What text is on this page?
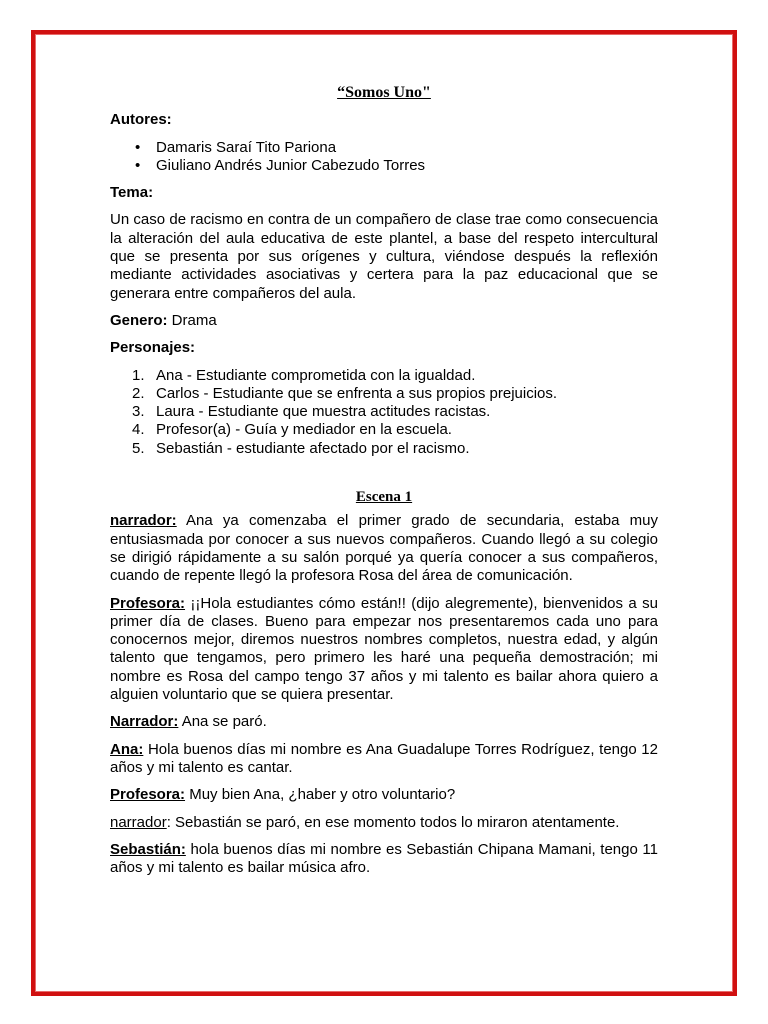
“Somos Uno"
Autores:
• Damaris Saraí Tito Pariona
• Giuliano Andrés Junior Cabezudo Torres
Tema:

Un caso de racismo en contra de un compañero de clase trae como consecuencia la alteración del aula educativa de este plantel, a base del respeto intercultural que se presenta por sus orígenes y cultura, viéndose después la reflexión mediante actividades asociativas y certera para la paz educacional que se generara entre compañeros del aula.

Genero: Drama

Personajes:
Ana - Estudiante comprometida con la igualdad.
Carlos - Estudiante que se enfrenta a sus propios prejuicios.
Laura - Estudiante que muestra actitudes racistas.
Profesor(a) - Guía y mediador en la escuela.
Sebastián - estudiante afectado por el racismo.
Escena 1

narrador: Ana ya comenzaba el primer grado de secundaria, estaba muy entusiasmada por conocer a sus nuevos compañeros. Cuando llegó a su colegio se dirigió rápidamente a su salón porqué ya quería conocer a sus compañeros, cuando de repente llegó la profesora Rosa del área de comunicación.

Profesora: ¡¡Hola estudiantes cómo están!! (dijo alegremente), bienvenidos a su primer día de clases. Bueno para empezar nos presentaremos cada uno para conocernos mejor, diremos nuestros nombres completos, nuestra edad, y algún talento que tengamos, pero primero les haré una pequeña demostración; mi nombre es Rosa del campo tengo 37 años y mi talento es bailar ahora quiero a alguien voluntario que se quiera presentar.

Narrador: Ana se paró.

Ana: Hola buenos días mi nombre es Ana Guadalupe Torres Rodríguez, tengo 12 años y mi talento es cantar.

Profesora: Muy bien Ana, ¿haber y otro voluntario?

narrador: Sebastián se paró, en ese momento todos lo miraron atentamente.

Sebastián: hola buenos días mi nombre es Sebastián Chipana Mamani, tengo 11 años y mi talento es bailar música afro.
